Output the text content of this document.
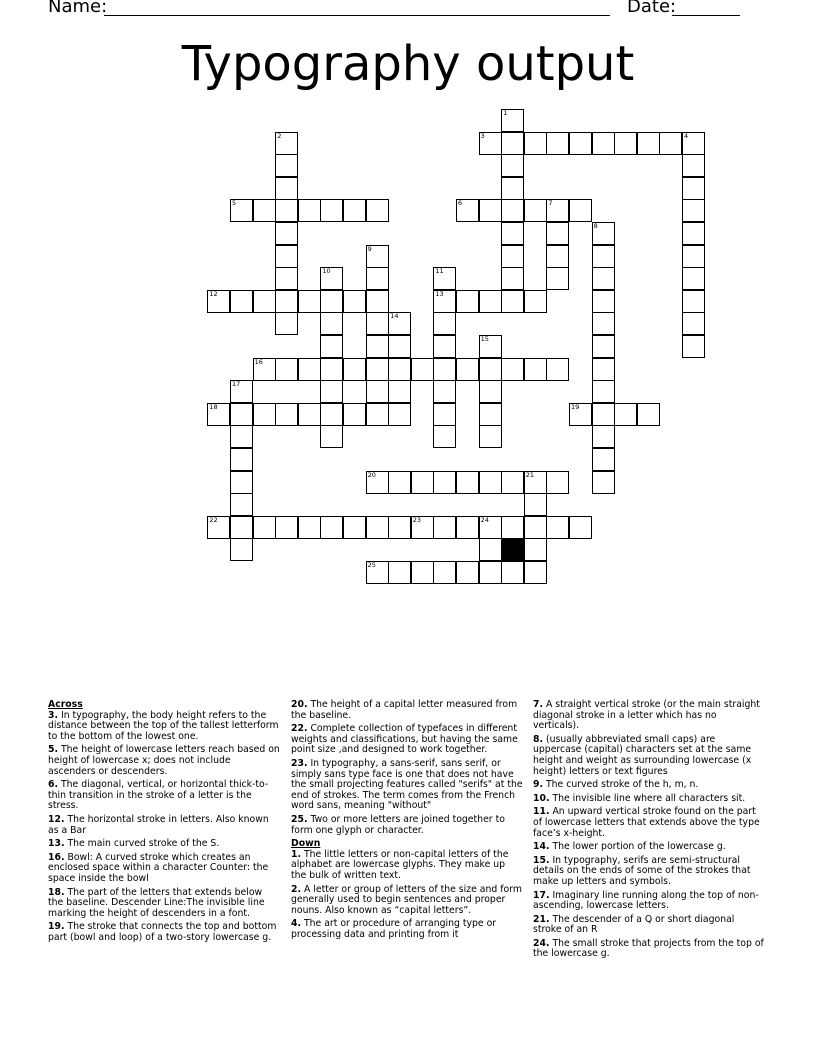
Name:	Date:
Typography output
1
2	3	4
5	6	7
8
9
10	11
13
12
14
15
16
17
18	19
20	21
22	23	24
25
Across
3. In typography, the body height refers to the distance between the top of the tallest letterform to the bottom of the lowest one.
5. The height of lowercase letters reach based on height of lowercase x; does not include ascenders or descenders.
6. The diagonal, vertical, or horizontal thick-to-thin transition in the stroke of a letter is the stress.
12. The horizontal stroke in letters. Also known as a Bar
13. The main curved stroke of the S.
16. Bowl: A curved stroke which creates an enclosed space within a character Counter: the space inside the bowl
18. The part of the letters that extends below the baseline. Descender Line:The invisible line marking the height of descenders in a font.
19. The stroke that connects the top and bottom part (bowl and loop) of a two-story lowercase g.
20. The height of a capital letter measured from the baseline.
22. Complete collection of typefaces in different weights and classifications, but having the same point size ,and designed to work together.
23. In typography, a sans-serif, sans serif, or simply sans type face is one that does not have the small projecting features called "serifs" at the end of strokes. The term comes from the French word sans, meaning "without"
25. Two or more letters are joined together to form one glyph or character.
Down
1. The little letters or non-capital letters of the alphabet are lowercase glyphs. They make up the bulk of written text.
2. A letter or group of letters of the size and form generally used to begin sentences and proper nouns. Also known as “capital letters”.
4. The art or procedure of arranging type or processing data and printing from it
7. A straight vertical stroke (or the main straight diagonal stroke in a letter which has no verticals).
8. (usually abbreviated small caps) are uppercase (capital) characters set at the same height and weight as surrounding lowercase (x height) letters or text figures
9. The curved stroke of the h, m, n.
10. The invisible line where all characters sit.
11. An upward vertical stroke found on the part of lowercase letters that extends above the type face’s x-height.
14. The lower portion of the lowercase g.
15. In typography, serifs are semi-structural details on the ends of some of the strokes that make up letters and symbols.
17. Imaginary line running along the top of non-ascending, lowercase letters.
21. The descender of a Q or short diagonal stroke of an R
24. The small stroke that projects from the top of the lowercase g.
